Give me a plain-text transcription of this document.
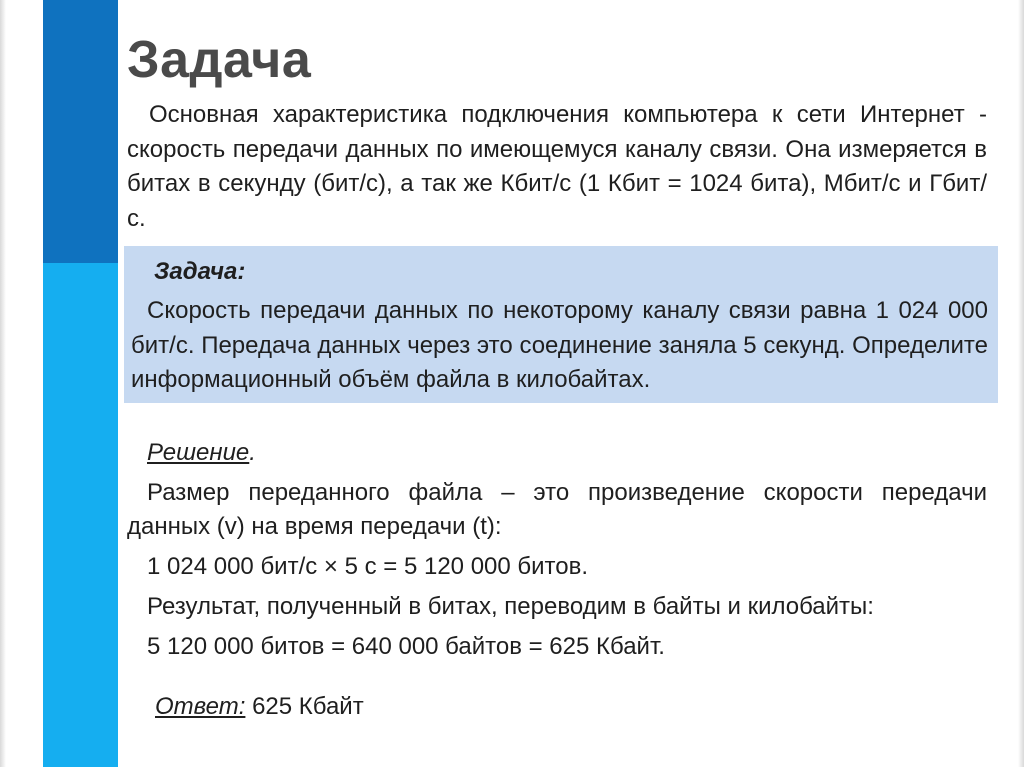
Задача

Основная характеристика подключения компьютера к сети Интернет - скорость передачи данных по имеющемуся каналу связи. Она измеряется в битах в секунду (бит/с), а так же Кбит/с (1 Кбит = 1024 бита), Мбит/с и Гбит/с.

Задача:

Скорость передачи данных по некоторому каналу связи равна 1 024 000 бит/с. Передача данных через это соединение заняла 5 секунд. Определите информационный объём файла в килобайтах.

Решение.

Размер переданного файла – это произведение скорости передачи данных (v) на время передачи (t):

1 024 000 бит/с × 5 с = 5 120 000 битов.

Результат, полученный в битах, переводим в байты и килобайты:

5 120 000 битов = 640 000 байтов = 625 Кбайт.

Ответ: 625 Кбайт
